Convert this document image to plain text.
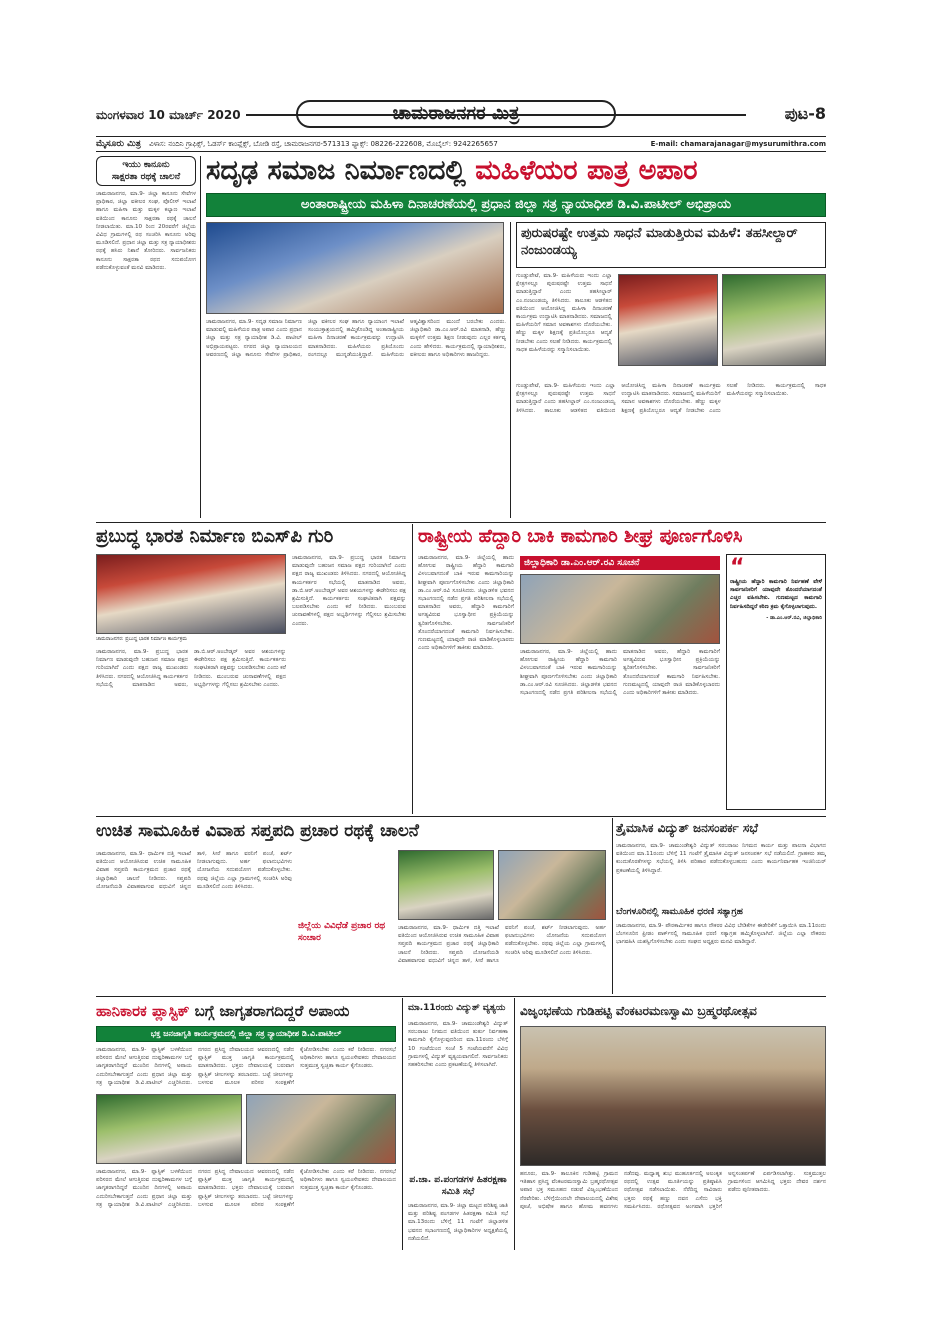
ಮಂಗಳವಾರ 10 ಮಾರ್ಚ್ 2020	ಚಾಮರಾಜನಗರ ಮಿತ್ರ	ಪುಟ-8
ಮೈಸೂರು ಮಿತ್ರ ವಿಳಾಸ: ನಂದಿನಿ ಗ್ರಾಫಿಕ್ಸ್, ಓಡರ್ಸ್ ಕಾಂಪ್ಲೆಕ್ಸ್, ಬೋಡಿ ರಸ್ತೆ, ಚಾಮರಾಜನಗರ-571313 ಫ್ಯಾಕ್ಸ್: 08226-222608, ಮೊಬೈಲ್: 9242265657	E-mail: chamarajanagar@mysurumithra.com
ಇಯು ಕಾನೂನು
ಸಾಕ್ಷರತಾ ರಥಕ್ಕೆ ಚಾಲನೆ
ಚಾಮರಾಜನಗರ, ಮಾ.9- ಜಿಲ್ಲಾ ಕಾನೂನು ಸೇವೆಗಳ ಪ್ರಾಧಿಕಾರ, ಜಿಲ್ಲಾ ವಕೀಲರ ಸಂಘ, ಪೊಲೀಸ್ ಇಲಾಖೆ ಹಾಗೂ ಮಹಿಳಾ ಮತ್ತು ಮಕ್ಕಳ ಕಲ್ಯಾಣ ಇಲಾಖೆ ವತಿಯಿಂದ ಕಾನೂನು ಸಾಕ್ಷರತಾ ರಥಕ್ಕೆ ಚಾಲನೆ ನೀಡಲಾಯಿತು. ಮಾ.10 ರಿಂದ 20ರವರೆಗೆ ಜಿಲ್ಲೆಯ ವಿವಿಧ ಗ್ರಾಮಗಳಲ್ಲಿ ರಥ ಸಂಚರಿಸಿ ಕಾನೂನು ಅರಿವು ಮೂಡಿಸಲಿದೆ. ಪ್ರಧಾನ ಜಿಲ್ಲಾ ಮತ್ತು ಸತ್ರ ನ್ಯಾಯಾಧೀಶರು ರಥಕ್ಕೆ ಹಸಿರು ನಿಶಾನೆ ತೋರಿದರು. ಸಾರ್ವಜನಿಕರು ಕಾನೂನು ಸಾಕ್ಷರತಾ ರಥದ ಸದುಪಯೋಗ ಪಡೆದುಕೊಳ್ಳುವಂತೆ ಮನವಿ ಮಾಡಿದರು.
ಸದೃಢ ಸಮಾಜ ನಿರ್ಮಾಣದಲ್ಲಿ ಮಹಿಳೆಯರ ಪಾತ್ರ ಅಪಾರ
ಅಂತಾರಾಷ್ಟ್ರೀಯ ಮಹಿಳಾ ದಿನಾಚರಣೆಯಲ್ಲಿ ಪ್ರಧಾನ ಜಿಲ್ಲಾ ಸತ್ರ ನ್ಯಾಯಾಧೀಶ ಡಿ.ವಿ.ಪಾಟೀಲ್ ಅಭಿಪ್ರಾಯ
ಚಾಮರಾಜನಗರ, ಮಾ.9- ಸದೃಢ ಸಮಾಜ ನಿರ್ಮಾಣ ಮಾಡುವಲ್ಲಿ ಮಹಿಳೆಯರ ಪಾತ್ರ ಅಪಾರ ಎಂದು ಪ್ರಧಾನ ಜಿಲ್ಲಾ ಮತ್ತು ಸತ್ರ ನ್ಯಾಯಾಧೀಶ ಡಿ.ವಿ. ಪಾಟೀಲ್ ಅಭಿಪ್ರಾಯಪಟ್ಟರು. ನಗರದ ಜಿಲ್ಲಾ ನ್ಯಾಯಾಲಯದ ಆವರಣದಲ್ಲಿ ಜಿಲ್ಲಾ ಕಾನೂನು ಸೇವೆಗಳ ಪ್ರಾಧಿಕಾರ, ಜಿಲ್ಲಾ ವಕೀಲರ ಸಂಘ ಹಾಗೂ ನ್ಯಾಯಾಂಗ ಇಲಾಖೆ ಸಂಯುಕ್ತಾಶ್ರಯದಲ್ಲಿ ಹಮ್ಮಿಕೊಂಡಿದ್ದ ಅಂತಾರಾಷ್ಟ್ರೀಯ ಮಹಿಳಾ ದಿನಾಚರಣೆ ಕಾರ್ಯಕ್ರಮವನ್ನು ಉದ್ಘಾಟಿಸಿ ಮಾತನಾಡಿದರು. ಮಹಿಳೆಯರು ಪ್ರತಿಯೊಂದು ರಂಗದಲ್ಲೂ ಮುನ್ನಡೆಯುತ್ತಿದ್ದಾರೆ. ಮಹಿಳೆಯರು ಆತ್ಮವಿಶ್ವಾಸದಿಂದ ಮುಂದೆ ಬರಬೇಕು ಎಂದರು. ಜಿಲ್ಲಾಧಿಕಾರಿ ಡಾ.ಎಂ.ಆರ್.ರವಿ ಮಾತನಾಡಿ, ಹೆಣ್ಣು ಮಕ್ಕಳಿಗೆ ಉತ್ತಮ ಶಿಕ್ಷಣ ನೀಡುವುದು ಎಲ್ಲರ ಕರ್ತವ್ಯ ಎಂದು ಹೇಳಿದರು. ಕಾರ್ಯಕ್ರಮದಲ್ಲಿ ನ್ಯಾಯಾಧೀಶರು, ವಕೀಲರು ಹಾಗೂ ಅಧಿಕಾರಿಗಳು ಹಾಜರಿದ್ದರು.
ಪುರುಷರಷ್ಟೇ ಉತ್ತಮ ಸಾಧನೆ ಮಾಡುತ್ತಿರುವ ಮಹಿಳೆ: ತಹಸೀಲ್ದಾರ್ ನಂಜುಂಡಯ್ಯ
ಗುಂಡ್ಲುಪೇಟೆ, ಮಾ.9- ಮಹಿಳೆಯರು ಇಂದು ಎಲ್ಲಾ ಕ್ಷೇತ್ರಗಳಲ್ಲೂ ಪುರುಷರಷ್ಟೇ ಉತ್ತಮ ಸಾಧನೆ ಮಾಡುತ್ತಿದ್ದಾರೆ ಎಂದು ತಹಸೀಲ್ದಾರ್ ಎಂ.ನಂಜುಂಡಯ್ಯ ತಿಳಿಸಿದರು. ತಾಲೂಕು ಆಡಳಿತದ ವತಿಯಿಂದ ಆಯೋಜಿಸಿದ್ದ ಮಹಿಳಾ ದಿನಾಚರಣೆ ಕಾರ್ಯಕ್ರಮ ಉದ್ಘಾಟಿಸಿ ಮಾತನಾಡಿದರು. ಸಮಾಜದಲ್ಲಿ ಮಹಿಳೆಯರಿಗೆ ಸಮಾನ ಅವಕಾಶಗಳು ದೊರೆಯಬೇಕು. ಹೆಣ್ಣು ಮಕ್ಕಳ ಶಿಕ್ಷಣಕ್ಕೆ ಪ್ರತಿಯೊಬ್ಬರೂ ಆದ್ಯತೆ ನೀಡಬೇಕು ಎಂದು ಸಲಹೆ ನೀಡಿದರು. ಕಾರ್ಯಕ್ರಮದಲ್ಲಿ ಸಾಧಕ ಮಹಿಳೆಯರನ್ನು ಸನ್ಮಾನಿಸಲಾಯಿತು.
ಗುಂಡ್ಲುಪೇಟೆ, ಮಾ.9- ಮಹಿಳೆಯರು ಇಂದು ಎಲ್ಲಾ ಕ್ಷೇತ್ರಗಳಲ್ಲೂ ಪುರುಷರಷ್ಟೇ ಉತ್ತಮ ಸಾಧನೆ ಮಾಡುತ್ತಿದ್ದಾರೆ ಎಂದು ತಹಸೀಲ್ದಾರ್ ಎಂ.ನಂಜುಂಡಯ್ಯ ತಿಳಿಸಿದರು. ತಾಲೂಕು ಆಡಳಿತದ ವತಿಯಿಂದ ಆಯೋಜಿಸಿದ್ದ ಮಹಿಳಾ ದಿನಾಚರಣೆ ಕಾರ್ಯಕ್ರಮ ಉದ್ಘಾಟಿಸಿ ಮಾತನಾಡಿದರು. ಸಮಾಜದಲ್ಲಿ ಮಹಿಳೆಯರಿಗೆ ಸಮಾನ ಅವಕಾಶಗಳು ದೊರೆಯಬೇಕು. ಹೆಣ್ಣು ಮಕ್ಕಳ ಶಿಕ್ಷಣಕ್ಕೆ ಪ್ರತಿಯೊಬ್ಬರೂ ಆದ್ಯತೆ ನೀಡಬೇಕು ಎಂದು ಸಲಹೆ ನೀಡಿದರು. ಕಾರ್ಯಕ್ರಮದಲ್ಲಿ ಸಾಧಕ ಮಹಿಳೆಯರನ್ನು ಸನ್ಮಾನಿಸಲಾಯಿತು.
ಪ್ರಬುದ್ಧ ಭಾರತ ನಿರ್ಮಾಣ ಬಿಎಸ್‌ಪಿ ಗುರಿ
ಚಾಮರಾಜನಗರ: ಪ್ರಬುದ್ಧ ಭಾರತ ನಿರ್ಮಾಣ ಕಾರ್ಯಕ್ರಮ
ಚಾಮರಾಜನಗರ, ಮಾ.9- ಪ್ರಬುದ್ಧ ಭಾರತ ನಿರ್ಮಾಣ ಮಾಡುವುದೇ ಬಹುಜನ ಸಮಾಜ ಪಕ್ಷದ ಗುರಿಯಾಗಿದೆ ಎಂದು ಪಕ್ಷದ ರಾಜ್ಯ ಮುಖಂಡರು ತಿಳಿಸಿದರು. ನಗರದಲ್ಲಿ ಆಯೋಜಿಸಿದ್ದ ಕಾರ್ಯಕರ್ತರ ಸಭೆಯಲ್ಲಿ ಮಾತನಾಡಿದ ಅವರು, ಡಾ.ಬಿ.ಆರ್.ಅಂಬೇಡ್ಕರ್ ಅವರ ಆಶಯಗಳನ್ನು ಈಡೇರಿಸಲು ಪಕ್ಷ ಶ್ರಮಿಸುತ್ತಿದೆ. ಕಾರ್ಯಕರ್ತರು ಸಂಘಟಿತರಾಗಿ ಪಕ್ಷವನ್ನು ಬಲಪಡಿಸಬೇಕು ಎಂದು ಕರೆ ನೀಡಿದರು. ಮುಂಬರುವ ಚುನಾವಣೆಗಳಲ್ಲಿ ಪಕ್ಷದ ಅಭ್ಯರ್ಥಿಗಳನ್ನು ಗೆಲ್ಲಿಸಲು ಶ್ರಮಿಸಬೇಕು ಎಂದರು.
ಚಾಮರಾಜನಗರ, ಮಾ.9- ಪ್ರಬುದ್ಧ ಭಾರತ ನಿರ್ಮಾಣ ಮಾಡುವುದೇ ಬಹುಜನ ಸಮಾಜ ಪಕ್ಷದ ಗುರಿಯಾಗಿದೆ ಎಂದು ಪಕ್ಷದ ರಾಜ್ಯ ಮುಖಂಡರು ತಿಳಿಸಿದರು. ನಗರದಲ್ಲಿ ಆಯೋಜಿಸಿದ್ದ ಕಾರ್ಯಕರ್ತರ ಸಭೆಯಲ್ಲಿ ಮಾತನಾಡಿದ ಅವರು, ಡಾ.ಬಿ.ಆರ್.ಅಂಬೇಡ್ಕರ್ ಅವರ ಆಶಯಗಳನ್ನು ಈಡೇರಿಸಲು ಪಕ್ಷ ಶ್ರಮಿಸುತ್ತಿದೆ. ಕಾರ್ಯಕರ್ತರು ಸಂಘಟಿತರಾಗಿ ಪಕ್ಷವನ್ನು ಬಲಪಡಿಸಬೇಕು ಎಂದು ಕರೆ ನೀಡಿದರು. ಮುಂಬರುವ ಚುನಾವಣೆಗಳಲ್ಲಿ ಪಕ್ಷದ ಅಭ್ಯರ್ಥಿಗಳನ್ನು ಗೆಲ್ಲಿಸಲು ಶ್ರಮಿಸಬೇಕು ಎಂದರು.
ರಾಷ್ಟ್ರೀಯ ಹೆದ್ದಾರಿ ಬಾಕಿ ಕಾಮಗಾರಿ ಶೀಘ್ರ ಪೂರ್ಣಗೊಳಿಸಿ
ಚಾಮರಾಜನಗರ, ಮಾ.9- ಜಿಲ್ಲೆಯಲ್ಲಿ ಹಾದು ಹೋಗುವ ರಾಷ್ಟ್ರೀಯ ಹೆದ್ದಾರಿ ಕಾಮಗಾರಿ ವಿಳಂಬವಾಗದಂತೆ ಬಾಕಿ ಇರುವ ಕಾಮಗಾರಿಯನ್ನು ಶೀಘ್ರವಾಗಿ ಪೂರ್ಣಗೊಳಿಸಬೇಕು ಎಂದು ಜಿಲ್ಲಾಧಿಕಾರಿ ಡಾ.ಎಂ.ಆರ್.ರವಿ ಸೂಚಿಸಿದರು. ಜಿಲ್ಲಾಡಳಿತ ಭವನದ ಸಭಾಂಗಣದಲ್ಲಿ ನಡೆದ ಪ್ರಗತಿ ಪರಿಶೀಲನಾ ಸಭೆಯಲ್ಲಿ ಮಾತನಾಡಿದ ಅವರು, ಹೆದ್ದಾರಿ ಕಾಮಗಾರಿಗೆ ಅಗತ್ಯವಿರುವ ಭೂಸ್ವಾಧೀನ ಪ್ರಕ್ರಿಯೆಯನ್ನು ತ್ವರಿತಗೊಳಿಸಬೇಕು. ಸಾರ್ವಜನಿಕರಿಗೆ ತೊಂದರೆಯಾಗದಂತೆ ಕಾಮಗಾರಿ ನಿರ್ವಹಿಸಬೇಕು. ಗುಣಮಟ್ಟದಲ್ಲಿ ಯಾವುದೇ ರಾಜಿ ಮಾಡಿಕೊಳ್ಳಬಾರದು ಎಂದು ಅಧಿಕಾರಿಗಳಿಗೆ ತಾಕೀತು ಮಾಡಿದರು.
ಜಿಲ್ಲಾಧಿಕಾರಿ ಡಾ.ಎಂ.ಆರ್.ರವಿ ಸೂಚನೆ
ಚಾಮರಾಜನಗರ, ಮಾ.9- ಜಿಲ್ಲೆಯಲ್ಲಿ ಹಾದು ಹೋಗುವ ರಾಷ್ಟ್ರೀಯ ಹೆದ್ದಾರಿ ಕಾಮಗಾರಿ ವಿಳಂಬವಾಗದಂತೆ ಬಾಕಿ ಇರುವ ಕಾಮಗಾರಿಯನ್ನು ಶೀಘ್ರವಾಗಿ ಪೂರ್ಣಗೊಳಿಸಬೇಕು ಎಂದು ಜಿಲ್ಲಾಧಿಕಾರಿ ಡಾ.ಎಂ.ಆರ್.ರವಿ ಸೂಚಿಸಿದರು. ಜಿಲ್ಲಾಡಳಿತ ಭವನದ ಸಭಾಂಗಣದಲ್ಲಿ ನಡೆದ ಪ್ರಗತಿ ಪರಿಶೀಲನಾ ಸಭೆಯಲ್ಲಿ ಮಾತನಾಡಿದ ಅವರು, ಹೆದ್ದಾರಿ ಕಾಮಗಾರಿಗೆ ಅಗತ್ಯವಿರುವ ಭೂಸ್ವಾಧೀನ ಪ್ರಕ್ರಿಯೆಯನ್ನು ತ್ವರಿತಗೊಳಿಸಬೇಕು. ಸಾರ್ವಜನಿಕರಿಗೆ ತೊಂದರೆಯಾಗದಂತೆ ಕಾಮಗಾರಿ ನಿರ್ವಹಿಸಬೇಕು. ಗುಣಮಟ್ಟದಲ್ಲಿ ಯಾವುದೇ ರಾಜಿ ಮಾಡಿಕೊಳ್ಳಬಾರದು ಎಂದು ಅಧಿಕಾರಿಗಳಿಗೆ ತಾಕೀತು ಮಾಡಿದರು.
“
ರಾಷ್ಟ್ರೀಯ ಹೆದ್ದಾರಿ ಕಾಮಗಾರಿ ನಿರ್ವಹಣೆ ವೇಳೆ ಸಾರ್ವಜನಿಕರಿಗೆ ಯಾವುದೇ ತೊಂದರೆಯಾಗದಂತೆ ಎಚ್ಚರ ವಹಿಸಬೇಕು. ಗುಣಮಟ್ಟದ ಕಾಮಗಾರಿ ನಿರ್ವಹಿಸದಿದ್ದರೆ ಕಠಿಣ ಕ್ರಮ ಕೈಗೊಳ್ಳಲಾಗುವುದು.
- ಡಾ.ಎಂ.ಆರ್.ರವಿ, ಜಿಲ್ಲಾಧಿಕಾರಿ
ಉಚಿತ ಸಾಮೂಹಿಕ ವಿವಾಹ ಸಪ್ತಪದಿ ಪ್ರಚಾರ ರಥಕ್ಕೆ ಚಾಲನೆ
ಚಾಮರಾಜನಗರ, ಮಾ.9- ಧಾರ್ಮಿಕ ದತ್ತಿ ಇಲಾಖೆ ವತಿಯಿಂದ ಆಯೋಜಿಸಿರುವ ಉಚಿತ ಸಾಮೂಹಿಕ ವಿವಾಹ ಸಪ್ತಪದಿ ಕಾರ್ಯಕ್ರಮದ ಪ್ರಚಾರ ರಥಕ್ಕೆ ಜಿಲ್ಲಾಧಿಕಾರಿ ಚಾಲನೆ ನೀಡಿದರು. ಸಪ್ತಪದಿ ಯೋಜನೆಯಡಿ ವಿವಾಹವಾಗುವ ವಧುವಿಗೆ ಚಿನ್ನದ ತಾಳಿ, ಸೀರೆ ಹಾಗೂ ವರನಿಗೆ ಪಂಚೆ, ಶರ್ಟ್ ನೀಡಲಾಗುವುದು. ಅರ್ಹ ಫಲಾನುಭವಿಗಳು ಯೋಜನೆಯ ಸದುಪಯೋಗ ಪಡೆದುಕೊಳ್ಳಬೇಕು. ರಥವು ಜಿಲ್ಲೆಯ ಎಲ್ಲಾ ಗ್ರಾಮಗಳಲ್ಲಿ ಸಂಚರಿಸಿ ಅರಿವು ಮೂಡಿಸಲಿದೆ ಎಂದು ತಿಳಿಸಿದರು.
ಜಿಲ್ಲೆಯ ವಿವಿಧೆಡೆ ಪ್ರಚಾರ ರಥ ಸಂಚಾರ
ಚಾಮರಾಜನಗರ, ಮಾ.9- ಧಾರ್ಮಿಕ ದತ್ತಿ ಇಲಾಖೆ ವತಿಯಿಂದ ಆಯೋಜಿಸಿರುವ ಉಚಿತ ಸಾಮೂಹಿಕ ವಿವಾಹ ಸಪ್ತಪದಿ ಕಾರ್ಯಕ್ರಮದ ಪ್ರಚಾರ ರಥಕ್ಕೆ ಜಿಲ್ಲಾಧಿಕಾರಿ ಚಾಲನೆ ನೀಡಿದರು. ಸಪ್ತಪದಿ ಯೋಜನೆಯಡಿ ವಿವಾಹವಾಗುವ ವಧುವಿಗೆ ಚಿನ್ನದ ತಾಳಿ, ಸೀರೆ ಹಾಗೂ ವರನಿಗೆ ಪಂಚೆ, ಶರ್ಟ್ ನೀಡಲಾಗುವುದು. ಅರ್ಹ ಫಲಾನುಭವಿಗಳು ಯೋಜನೆಯ ಸದುಪಯೋಗ ಪಡೆದುಕೊಳ್ಳಬೇಕು. ರಥವು ಜಿಲ್ಲೆಯ ಎಲ್ಲಾ ಗ್ರಾಮಗಳಲ್ಲಿ ಸಂಚರಿಸಿ ಅರಿವು ಮೂಡಿಸಲಿದೆ ಎಂದು ತಿಳಿಸಿದರು.
ತ್ರೈಮಾಸಿಕ ವಿದ್ಯುತ್ ಜನಸಂಪರ್ಕ ಸಭೆ
ಚಾಮರಾಜನಗರ, ಮಾ.9- ಚಾಮುಂಡೇಶ್ವರಿ ವಿದ್ಯುತ್ ಸರಬರಾಜು ನಿಗಮದ ಕಾರ್ಯ ಮತ್ತು ಪಾಲನಾ ವಿಭಾಗದ ವತಿಯಿಂದ ಮಾ.11ರಂದು ಬೆಳಿಗ್ಗೆ 11 ಗಂಟೆಗೆ ತ್ರೈಮಾಸಿಕ ವಿದ್ಯುತ್ ಜನಸಂಪರ್ಕ ಸಭೆ ನಡೆಯಲಿದೆ. ಗ್ರಾಹಕರು ತಮ್ಮ ಕುಂದುಕೊರತೆಗಳನ್ನು ಸಭೆಯಲ್ಲಿ ತಿಳಿಸಿ ಪರಿಹಾರ ಪಡೆದುಕೊಳ್ಳಬಹುದು ಎಂದು ಕಾರ್ಯನಿರ್ವಾಹಕ ಇಂಜಿನಿಯರ್ ಪ್ರಕಟಣೆಯಲ್ಲಿ ತಿಳಿಸಿದ್ದಾರೆ.
ಬೆಂಗಳೂರಿನಲ್ಲಿ ಸಾಮೂಹಿಕ ಧರಣಿ ಸತ್ಯಾಗ್ರಹ
ಚಾಮರಾಜನಗರ, ಮಾ.9- ಪೌರಕಾರ್ಮಿಕರ ಹಾಗೂ ನೌಕರರ ವಿವಿಧ ಬೇಡಿಕೆಗಳ ಈಡೇರಿಕೆಗೆ ಒತ್ತಾಯಿಸಿ ಮಾ.11ರಂದು ಬೆಂಗಳೂರಿನ ಫ್ರೀಡಂ ಪಾರ್ಕ್‌ನಲ್ಲಿ ಸಾಮೂಹಿಕ ಧರಣಿ ಸತ್ಯಾಗ್ರಹ ಹಮ್ಮಿಕೊಳ್ಳಲಾಗಿದೆ. ಜಿಲ್ಲೆಯ ಎಲ್ಲಾ ನೌಕರರು ಭಾಗವಹಿಸಿ ಯಶಸ್ವಿಗೊಳಿಸಬೇಕು ಎಂದು ಸಂಘದ ಅಧ್ಯಕ್ಷರು ಮನವಿ ಮಾಡಿದ್ದಾರೆ.
ಹಾನಿಕಾರಕ ಪ್ಲಾಸ್ಟಿಕ್ ಬಗ್ಗೆ ಜಾಗೃತರಾಗದಿದ್ದರೆ ಅಪಾಯ
ಭಕ್ತ ಜನಜಾಗೃತಿ ಕಾರ್ಯಕ್ರಮದಲ್ಲಿ ಜಿಲ್ಲಾ ಸತ್ರ ನ್ಯಾಯಾಧೀಶ ಡಿ.ವಿ.ಪಾಟೀಲ್
ಚಾಮರಾಜನಗರ, ಮಾ.9- ಪ್ಲಾಸ್ಟಿಕ್ ಬಳಕೆಯಿಂದ ಪರಿಸರದ ಮೇಲೆ ಆಗುತ್ತಿರುವ ದುಷ್ಪರಿಣಾಮಗಳ ಬಗ್ಗೆ ಜಾಗೃತರಾಗದಿದ್ದರೆ ಮುಂದಿನ ದಿನಗಳಲ್ಲಿ ಅಪಾಯ ಎದುರಿಸಬೇಕಾಗುತ್ತದೆ ಎಂದು ಪ್ರಧಾನ ಜಿಲ್ಲಾ ಮತ್ತು ಸತ್ರ ನ್ಯಾಯಾಧೀಶ ಡಿ.ವಿ.ಪಾಟೀಲ್ ಎಚ್ಚರಿಸಿದರು. ನಗರದ ಪ್ರಸಿದ್ಧ ದೇವಾಲಯದ ಆವರಣದಲ್ಲಿ ನಡೆದ ಪ್ಲಾಸ್ಟಿಕ್ ಮುಕ್ತ ಜಾಗೃತಿ ಕಾರ್ಯಕ್ರಮದಲ್ಲಿ ಮಾತನಾಡಿದರು. ಭಕ್ತರು ದೇವಾಲಯಕ್ಕೆ ಬರುವಾಗ ಪ್ಲಾಸ್ಟಿಕ್ ಚೀಲಗಳನ್ನು ತರಬಾರದು. ಬಟ್ಟೆ ಚೀಲಗಳನ್ನು ಬಳಸುವ ಮೂಲಕ ಪರಿಸರ ಸಂರಕ್ಷಣೆಗೆ ಕೈಜೋಡಿಸಬೇಕು ಎಂದು ಕರೆ ನೀಡಿದರು. ನಗರಸಭೆ ಅಧಿಕಾರಿಗಳು ಹಾಗೂ ಸ್ವಯಂಸೇವಕರು ದೇವಾಲಯದ ಸುತ್ತಮುತ್ತ ಸ್ವಚ್ಛತಾ ಕಾರ್ಯ ಕೈಗೊಂಡರು.
ಚಾಮರಾಜನಗರ, ಮಾ.9- ಪ್ಲಾಸ್ಟಿಕ್ ಬಳಕೆಯಿಂದ ಪರಿಸರದ ಮೇಲೆ ಆಗುತ್ತಿರುವ ದುಷ್ಪರಿಣಾಮಗಳ ಬಗ್ಗೆ ಜಾಗೃತರಾಗದಿದ್ದರೆ ಮುಂದಿನ ದಿನಗಳಲ್ಲಿ ಅಪಾಯ ಎದುರಿಸಬೇಕಾಗುತ್ತದೆ ಎಂದು ಪ್ರಧಾನ ಜಿಲ್ಲಾ ಮತ್ತು ಸತ್ರ ನ್ಯಾಯಾಧೀಶ ಡಿ.ವಿ.ಪಾಟೀಲ್ ಎಚ್ಚರಿಸಿದರು. ನಗರದ ಪ್ರಸಿದ್ಧ ದೇವಾಲಯದ ಆವರಣದಲ್ಲಿ ನಡೆದ ಪ್ಲಾಸ್ಟಿಕ್ ಮುಕ್ತ ಜಾಗೃತಿ ಕಾರ್ಯಕ್ರಮದಲ್ಲಿ ಮಾತನಾಡಿದರು. ಭಕ್ತರು ದೇವಾಲಯಕ್ಕೆ ಬರುವಾಗ ಪ್ಲಾಸ್ಟಿಕ್ ಚೀಲಗಳನ್ನು ತರಬಾರದು. ಬಟ್ಟೆ ಚೀಲಗಳನ್ನು ಬಳಸುವ ಮೂಲಕ ಪರಿಸರ ಸಂರಕ್ಷಣೆಗೆ ಕೈಜೋಡಿಸಬೇಕು ಎಂದು ಕರೆ ನೀಡಿದರು. ನಗರಸಭೆ ಅಧಿಕಾರಿಗಳು ಹಾಗೂ ಸ್ವಯಂಸೇವಕರು ದೇವಾಲಯದ ಸುತ್ತಮುತ್ತ ಸ್ವಚ್ಛತಾ ಕಾರ್ಯ ಕೈಗೊಂಡರು.
ಮಾ.11ರಂದು ವಿದ್ಯುತ್ ವ್ಯತ್ಯಯ
ಚಾಮರಾಜನಗರ, ಮಾ.9- ಚಾಮುಂಡೇಶ್ವರಿ ವಿದ್ಯುತ್ ಸರಬರಾಜು ನಿಗಮದ ವತಿಯಿಂದ ತುರ್ತು ನಿರ್ವಹಣಾ ಕಾಮಗಾರಿ ಕೈಗೊಳ್ಳುವುದರಿಂದ ಮಾ.11ರಂದು ಬೆಳಿಗ್ಗೆ 10 ಗಂಟೆಯಿಂದ ಸಂಜೆ 5 ಗಂಟೆಯವರೆಗೆ ವಿವಿಧ ಗ್ರಾಮಗಳಲ್ಲಿ ವಿದ್ಯುತ್ ವ್ಯತ್ಯಯವಾಗಲಿದೆ. ಸಾರ್ವಜನಿಕರು ಸಹಕರಿಸಬೇಕು ಎಂದು ಪ್ರಕಟಣೆಯಲ್ಲಿ ತಿಳಿಸಲಾಗಿದೆ.
ಪ.ಜಾ. ಪ.ಪಂಗಡಗಳ ಹಿತರಕ್ಷಣಾ ಸಮಿತಿ ಸಭೆ
ಚಾಮರಾಜನಗರ, ಮಾ.9- ಜಿಲ್ಲಾ ಮಟ್ಟದ ಪರಿಶಿಷ್ಟ ಜಾತಿ ಮತ್ತು ಪರಿಶಿಷ್ಟ ಪಂಗಡಗಳ ಹಿತರಕ್ಷಣಾ ಸಮಿತಿ ಸಭೆ ಮಾ.13ರಂದು ಬೆಳಿಗ್ಗೆ 11 ಗಂಟೆಗೆ ಜಿಲ್ಲಾಡಳಿತ ಭವನದ ಸಭಾಂಗಣದಲ್ಲಿ ಜಿಲ್ಲಾಧಿಕಾರಿಗಳ ಅಧ್ಯಕ್ಷತೆಯಲ್ಲಿ ನಡೆಯಲಿದೆ.
ವಿಜೃಂಭಣೆಯ ಗುಡಿಹಟ್ಟಿ ವೆಂಕಟರಮಣಸ್ವಾಮಿ ಬ್ರಹ್ಮರಥೋತ್ಸವ
ಹನೂರು, ಮಾ.9- ತಾಲೂಕಿನ ಗುಡಿಹಟ್ಟಿ ಗ್ರಾಮದ ಇತಿಹಾಸ ಪ್ರಸಿದ್ಧ ವೆಂಕಟರಮಣಸ್ವಾಮಿ ಬ್ರಹ್ಮರಥೋತ್ಸವ ಅಪಾರ ಭಕ್ತ ಸಮೂಹದ ನಡುವೆ ವಿಜೃಂಭಣೆಯಿಂದ ನೆರವೇರಿತು. ಬೆಳಿಗ್ಗೆಯಿಂದಲೇ ದೇವಾಲಯದಲ್ಲಿ ವಿಶೇಷ ಪೂಜೆ, ಅಭಿಷೇಕ ಹಾಗೂ ಹೋಮ ಹವನಗಳು ನಡೆದವು. ಮಧ್ಯಾಹ್ನ ಶುಭ ಮುಹೂರ್ತದಲ್ಲಿ ಅಲಂಕೃತ ರಥದಲ್ಲಿ ಉತ್ಸವ ಮೂರ್ತಿಯನ್ನು ಪ್ರತಿಷ್ಠಾಪಿಸಿ ರಥೋತ್ಸವ ನಡೆಸಲಾಯಿತು. ನೆರೆದಿದ್ದ ಸಾವಿರಾರು ಭಕ್ತರು ರಥಕ್ಕೆ ಹಣ್ಣು ದವನ ಎಸೆದು ಭಕ್ತಿ ಸಮರ್ಪಿಸಿದರು. ರಥೋತ್ಸವದ ಅಂಗವಾಗಿ ಭಕ್ತರಿಗೆ ಅನ್ನಸಂತರ್ಪಣೆ ಏರ್ಪಡಿಸಲಾಗಿತ್ತು. ಸುತ್ತಮುತ್ತಲ ಗ್ರಾಮಗಳಿಂದ ಆಗಮಿಸಿದ್ದ ಭಕ್ತರು ದೇವರ ದರ್ಶನ ಪಡೆದು ಪುನೀತರಾದರು.
